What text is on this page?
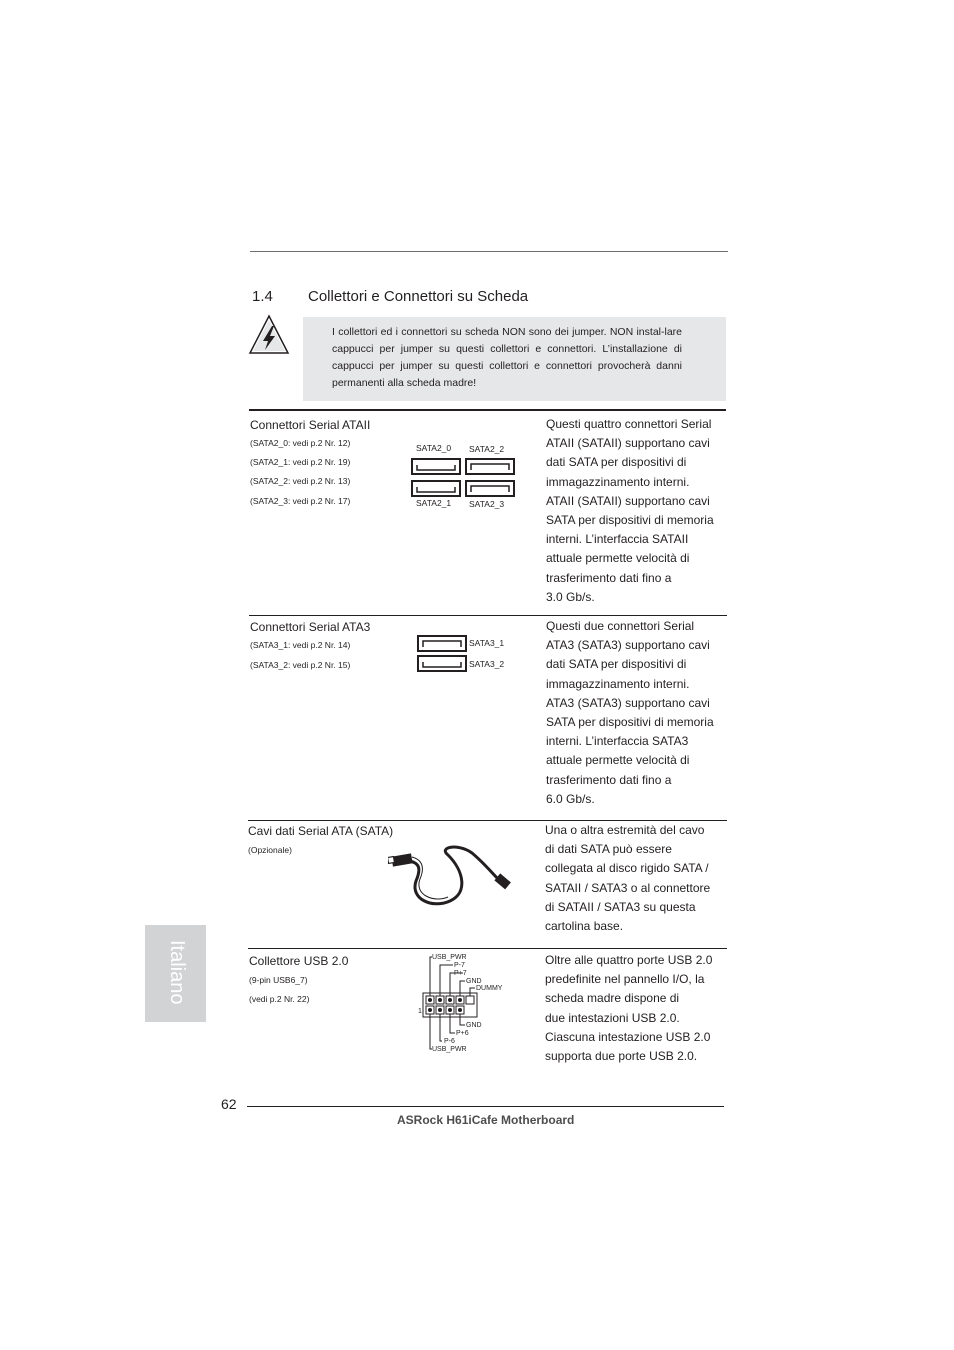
1.4 Collettori e Connettori su Scheda
I collettori ed i connettori su scheda NON sono dei jumper. NON instal-lare cappucci per jumper su questi collettori e connettori. L’installazione di cappucci per jumper su questi collettori e connettori provocherà danni permanenti alla scheda madre!
Connettori Serial ATAII
(SATA2_0: vedi p.2 Nr. 12)
(SATA2_1: vedi p.2 Nr. 19)
(SATA2_2: vedi p.2 Nr. 13)
(SATA2_3: vedi p.2 Nr. 17)
SATA2_0 SATA2_2
SATA2_1 SATA2_3
Questi quattro connettori Serial
ATAII (SATAII) supportano cavi
dati SATA per dispositivi di
immagazzinamento interni.
ATAII (SATAII) supportano cavi
SATA per dispositivi di memoria
interni. L’interfaccia SATAII
attuale permette velocità di
trasferimento dati fino a
3.0 Gb/s.
Connettori Serial ATA3
(SATA3_1: vedi p.2 Nr. 14)
(SATA3_2: vedi p.2 Nr. 15)
SATA3_1
SATA3_2
Questi due connettori Serial
ATA3 (SATA3) supportano cavi
dati SATA per dispositivi di
immagazzinamento interni.
ATA3 (SATA3) supportano cavi
SATA per dispositivi di memoria
interni. L’interfaccia SATA3
attuale permette velocità di
trasferimento dati fino a
6.0 Gb/s.
Cavi dati Serial ATA (SATA)
(Opzionale)
Una o altra estremità del cavo
di dati SATA può essere
collegata al disco rigido SATA /
SATAII / SATA3 o al connettore
di SATAII / SATA3 su questa
cartolina base.
Collettore USB 2.0
(9-pin USB6_7)
(vedi p.2 Nr. 22)
USB_PWR
P-7
P+7
GND
DUMMY
1
GND
P+6
P-6
USB_PWR
Oltre alle quattro porte USB 2.0
predefinite nel pannello I/O, la
scheda madre dispone di
due intestazioni USB 2.0.
Ciascuna intestazione USB 2.0
supporta due porte USB 2.0.
Italiano
62
ASRock H61iCafe Motherboard
